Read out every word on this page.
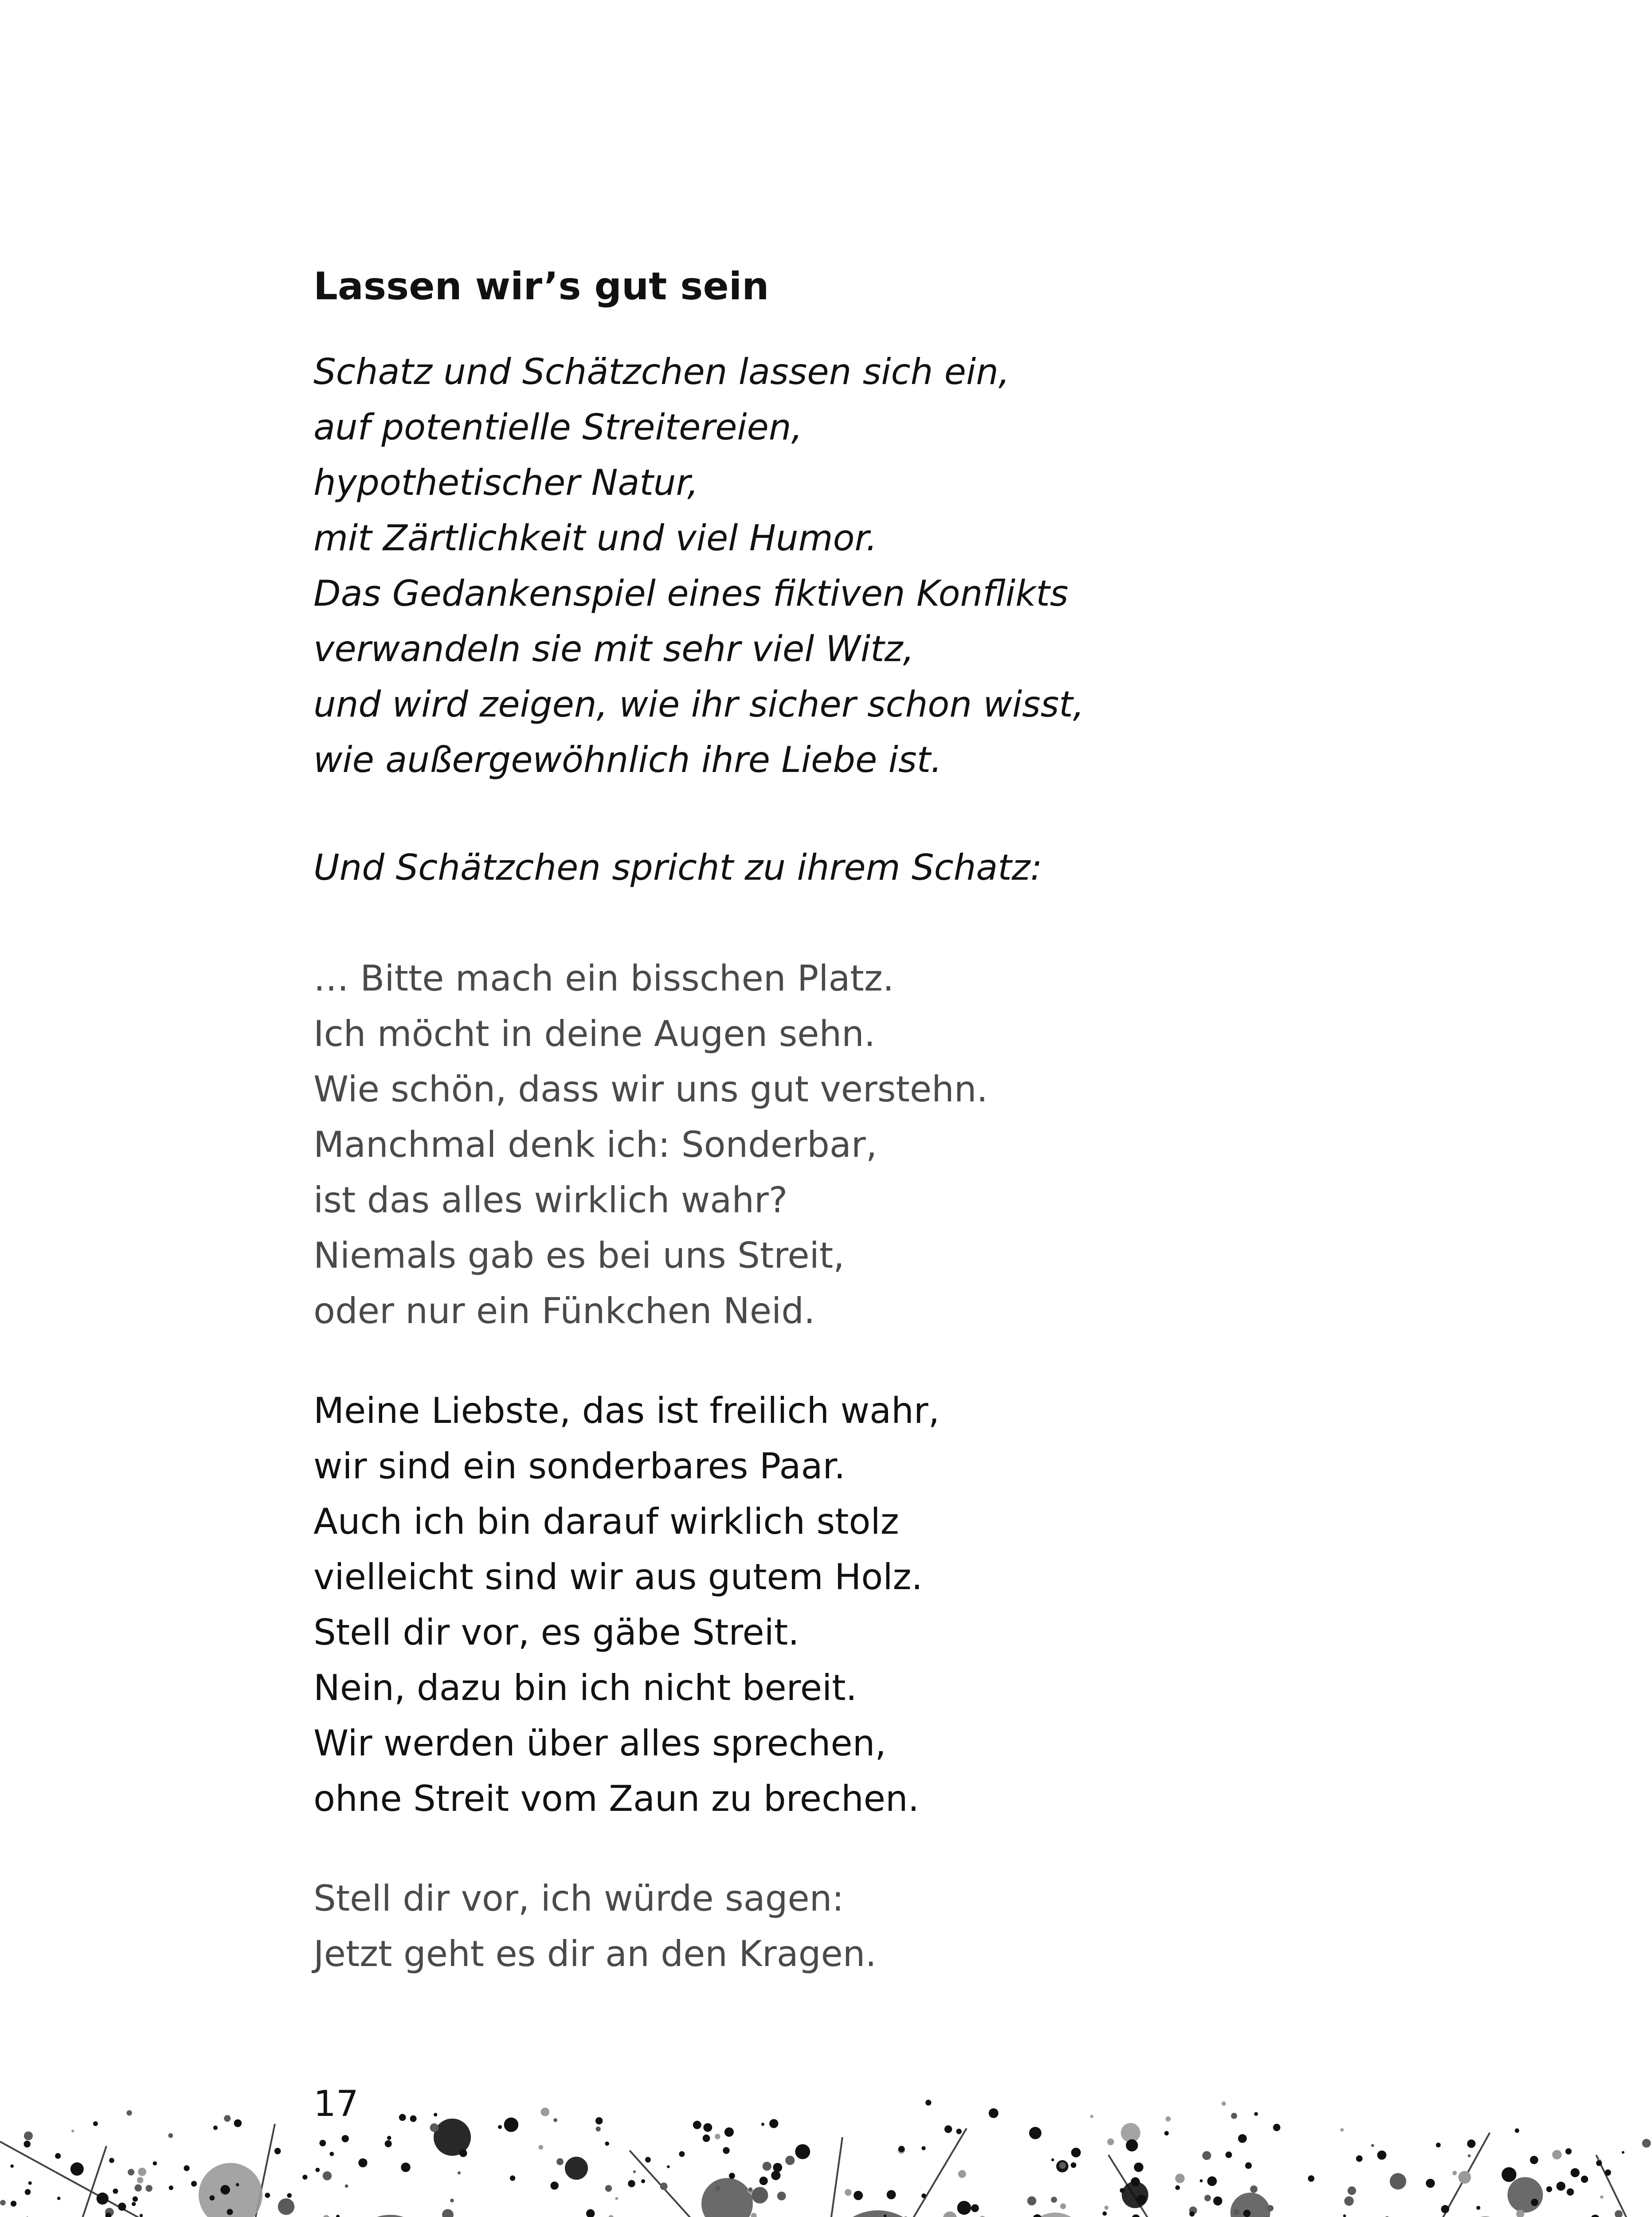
Lassen wir’s gut sein
Schatz und Schätzchen lassen sich ein,
auf potentielle Streitereien,
hypothetischer Natur,
mit Zärtlichkeit und viel Humor.
Das Gedankenspiel eines fiktiven Konflikts
verwandeln sie mit sehr viel Witz,
und wird zeigen, wie ihr sicher schon wisst,
wie außergewöhnlich ihre Liebe ist.
Und Schätzchen spricht zu ihrem Schatz:
… Bitte mach ein bisschen Platz.
Ich möcht in deine Augen sehn.
Wie schön, dass wir uns gut verstehn.
Manchmal denk ich: Sonderbar,
ist das alles wirklich wahr?
Niemals gab es bei uns Streit,
oder nur ein Fünkchen Neid.
Meine Liebste, das ist freilich wahr,
wir sind ein sonderbares Paar.
Auch ich bin darauf wirklich stolz
vielleicht sind wir aus gutem Holz.
Stell dir vor, es gäbe Streit.
Nein, dazu bin ich nicht bereit.
Wir werden über alles sprechen,
ohne Streit vom Zaun zu brechen.
Stell dir vor, ich würde sagen:
Jetzt geht es dir an den Kragen.
17
